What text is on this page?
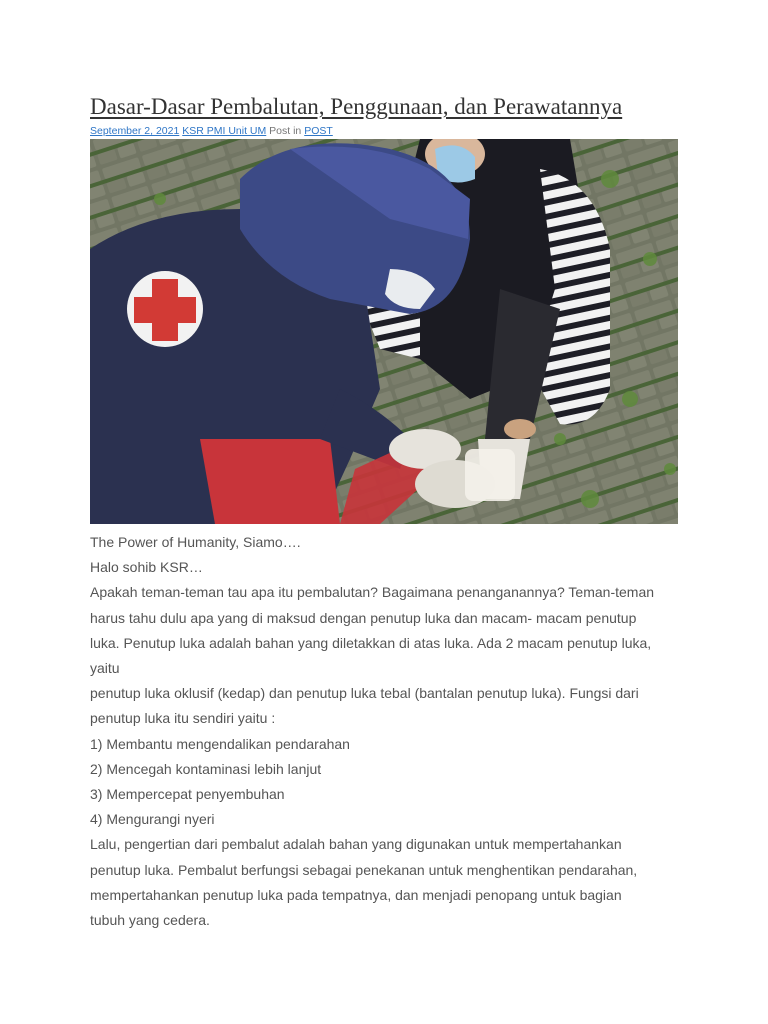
Dasar-Dasar Pembalutan, Penggunaan, dan Perawatannya
September 2, 2021 KSR PMI Unit UM Post in POST

The Power of Humanity, Siamo….

Halo sohib KSR…

Apakah teman-teman tau apa itu pembalutan? Bagaimana penanganannya? Teman-teman

harus tahu dulu apa yang di maksud dengan penutup luka dan macam- macam penutup

luka. Penutup luka adalah bahan yang diletakkan di atas luka. Ada 2 macam penutup luka,

yaitu

penutup luka oklusif (kedap) dan penutup luka tebal (bantalan penutup luka). Fungsi dari

penutup luka itu sendiri yaitu :

1) Membantu mengendalikan pendarahan

2) Mencegah kontaminasi lebih lanjut

3) Mempercepat penyembuhan

4) Mengurangi nyeri

Lalu, pengertian dari pembalut adalah bahan yang digunakan untuk mempertahankan

penutup luka. Pembalut berfungsi sebagai penekanan untuk menghentikan pendarahan,

mempertahankan penutup luka pada tempatnya, dan menjadi penopang untuk bagian

tubuh yang cedera.
